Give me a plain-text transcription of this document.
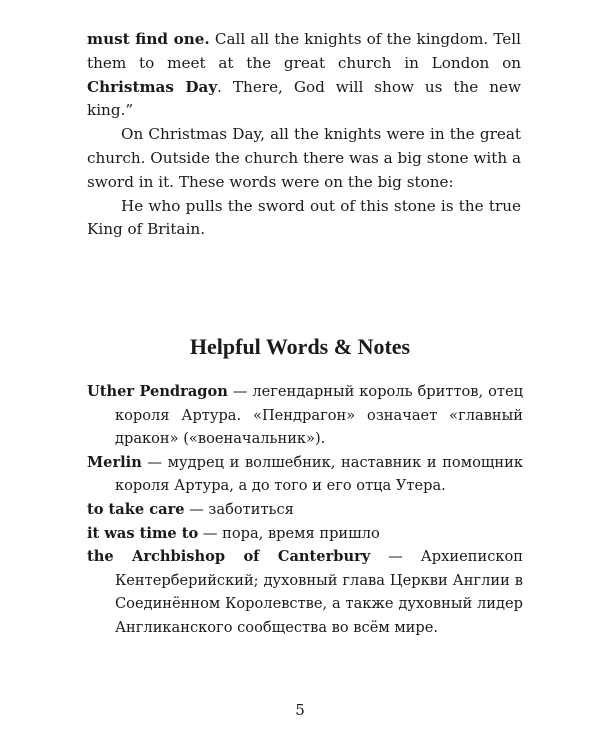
must find one. Call all the knights of the kingdom. Tell them to meet at the great church in London on Christmas Day. There, God will show us the new king.”

On Christmas Day, all the knights were in the great church. Outside the church there was a big stone with a sword in it. These words were on the big stone:

He who pulls the sword out of this stone is the true King of Britain.

Helpful Words & Notes

Uther Pendragon — легендарный король бриттов, отец короля Артура. «Пендрагон» означает «главный дракон» («военачальник»).

Merlin — мудрец и волшебник, наставник и помощник короля Артура, а до того и его отца Утера.

to take care — заботиться

it was time to — пора, время пришло

the Archbishop of Canterbury — Архиепископ Кентерберийский; духовный глава Церкви Англии в Соединённом Королевстве, а также духовный лидер Англиканского сообщества во всём мире.

5
